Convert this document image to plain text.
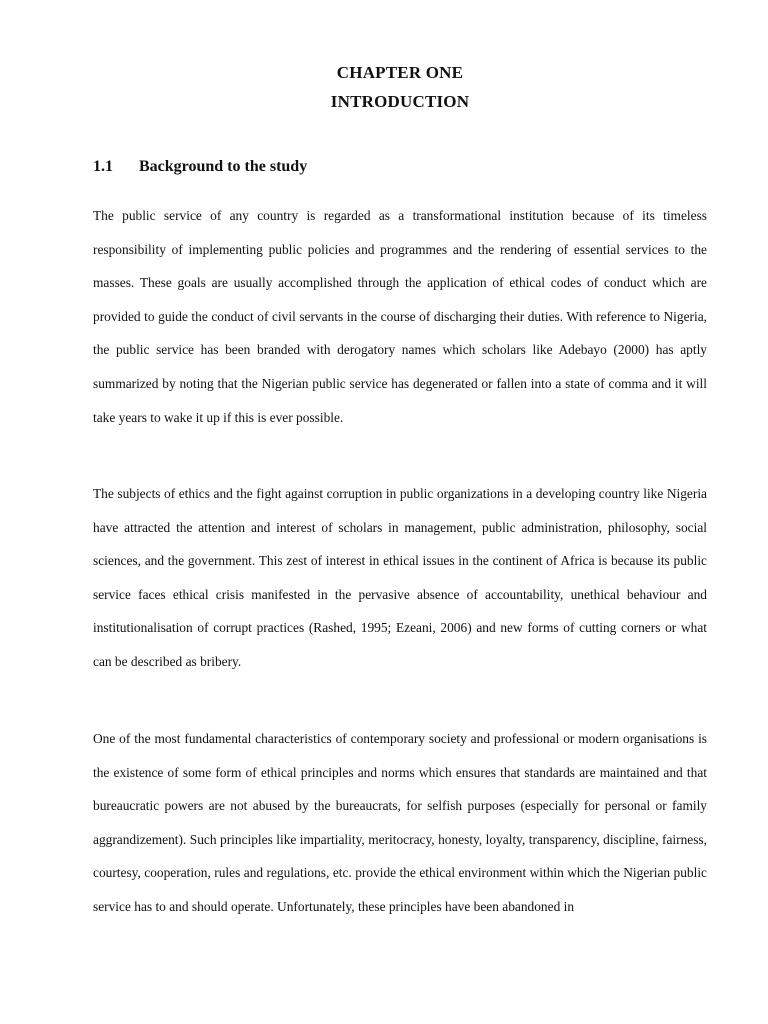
CHAPTER ONE
INTRODUCTION
1.1 Background to the study

The public service of any country is regarded as a transformational institution because of its timeless responsibility of implementing public policies and programmes and the rendering of essential services to the masses. These goals are usually accomplished through the application of ethical codes of conduct which are provided to guide the conduct of civil servants in the course of discharging their duties. With reference to Nigeria, the public service has been branded with derogatory names which scholars like Adebayo (2000) has aptly summarized by noting that the Nigerian public service has degenerated or fallen into a state of comma and it will take years to wake it up if this is ever possible.

The subjects of ethics and the fight against corruption in public organizations in a developing country like Nigeria have attracted the attention and interest of scholars in management, public administration, philosophy, social sciences, and the government. This zest of interest in ethical issues in the continent of Africa is because its public service faces ethical crisis manifested in the pervasive absence of accountability, unethical behaviour and institutionalisation of corrupt practices (Rashed, 1995; Ezeani, 2006) and new forms of cutting corners or what can be described as bribery.

One of the most fundamental characteristics of contemporary society and professional or modern organisations is the existence of some form of ethical principles and norms which ensures that standards are maintained and that bureaucratic powers are not abused by the bureaucrats, for selfish purposes (especially for personal or family aggrandizement). Such principles like impartiality, meritocracy, honesty, loyalty, transparency, discipline, fairness, courtesy, cooperation, rules and regulations, etc. provide the ethical environment within which the Nigerian public service has to and should operate. Unfortunately, these principles have been abandoned in
